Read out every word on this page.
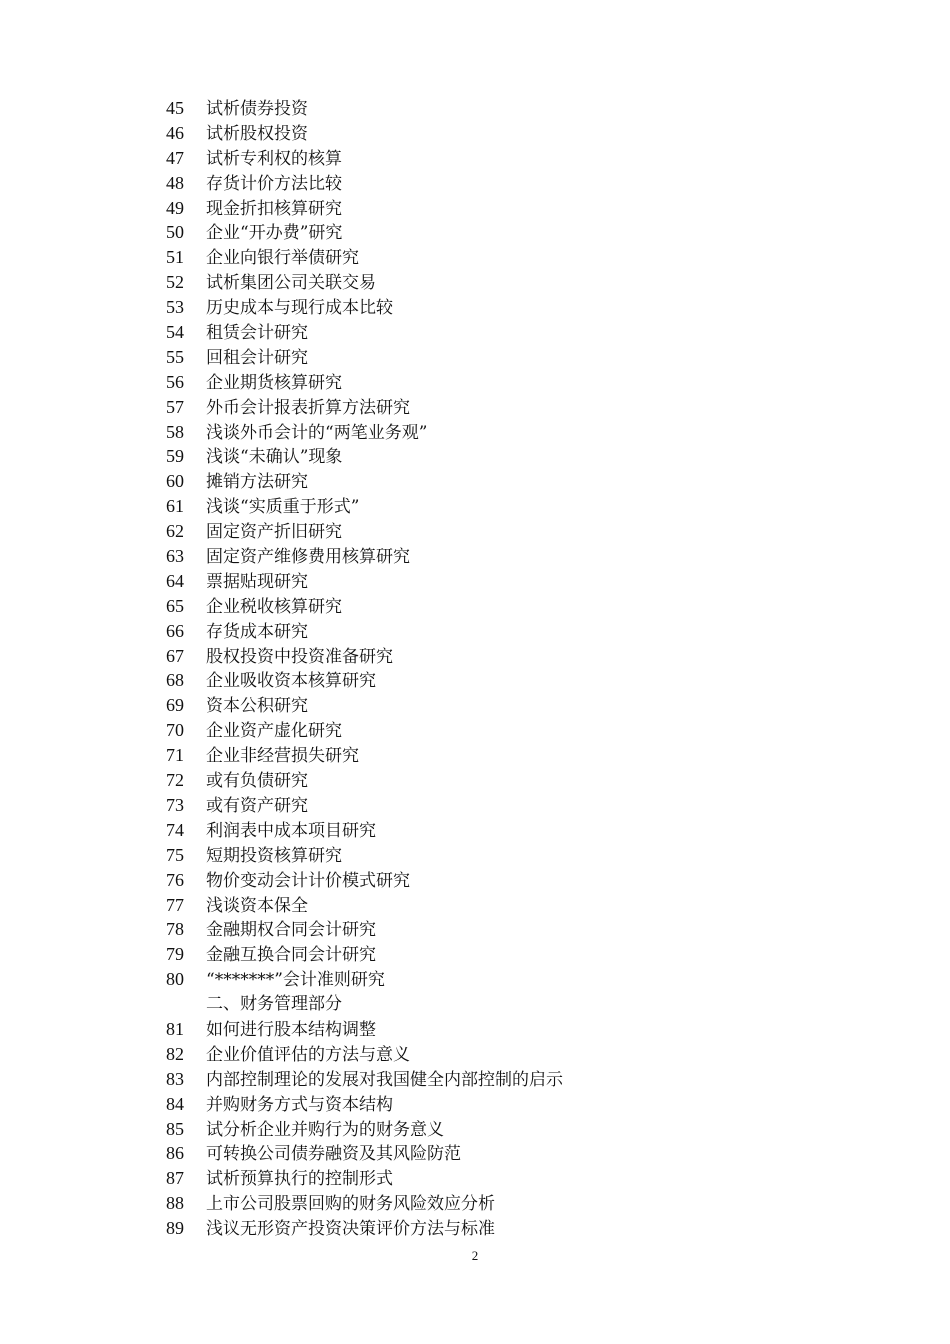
45 试析债券投资
46 试析股权投资
47 试析专利权的核算
48 存货计价方法比较
49 现金折扣核算研究
50 企业“开办费”研究
51 企业向银行举债研究
52 试析集团公司关联交易
53 历史成本与现行成本比较
54 租赁会计研究
55 回租会计研究
56 企业期货核算研究
57 外币会计报表折算方法研究
58 浅谈外币会计的“两笔业务观”
59 浅谈“未确认”现象
60 摊销方法研究
61 浅谈“实质重于形式”
62 固定资产折旧研究
63 固定资产维修费用核算研究
64 票据贴现研究
65 企业税收核算研究
66 存货成本研究
67 股权投资中投资准备研究
68 企业吸收资本核算研究
69 资本公积研究
70 企业资产虚化研究
71 企业非经营损失研究
72 或有负债研究
73 或有资产研究
74 利润表中成本项目研究
75 短期投资核算研究
76 物价变动会计计价模式研究
77 浅谈资本保全
78 金融期权合同会计研究
79 金融互换合同会计研究
80 “*******”会计准则研究
二、财务管理部分
81 如何进行股本结构调整
82 企业价值评估的方法与意义
83 内部控制理论的发展对我国健全内部控制的启示
84 并购财务方式与资本结构
85 试分析企业并购行为的财务意义
86 可转换公司债券融资及其风险防范
87 试析预算执行的控制形式
88 上市公司股票回购的财务风险效应分析
89 浅议无形资产投资决策评价方法与标准
2
